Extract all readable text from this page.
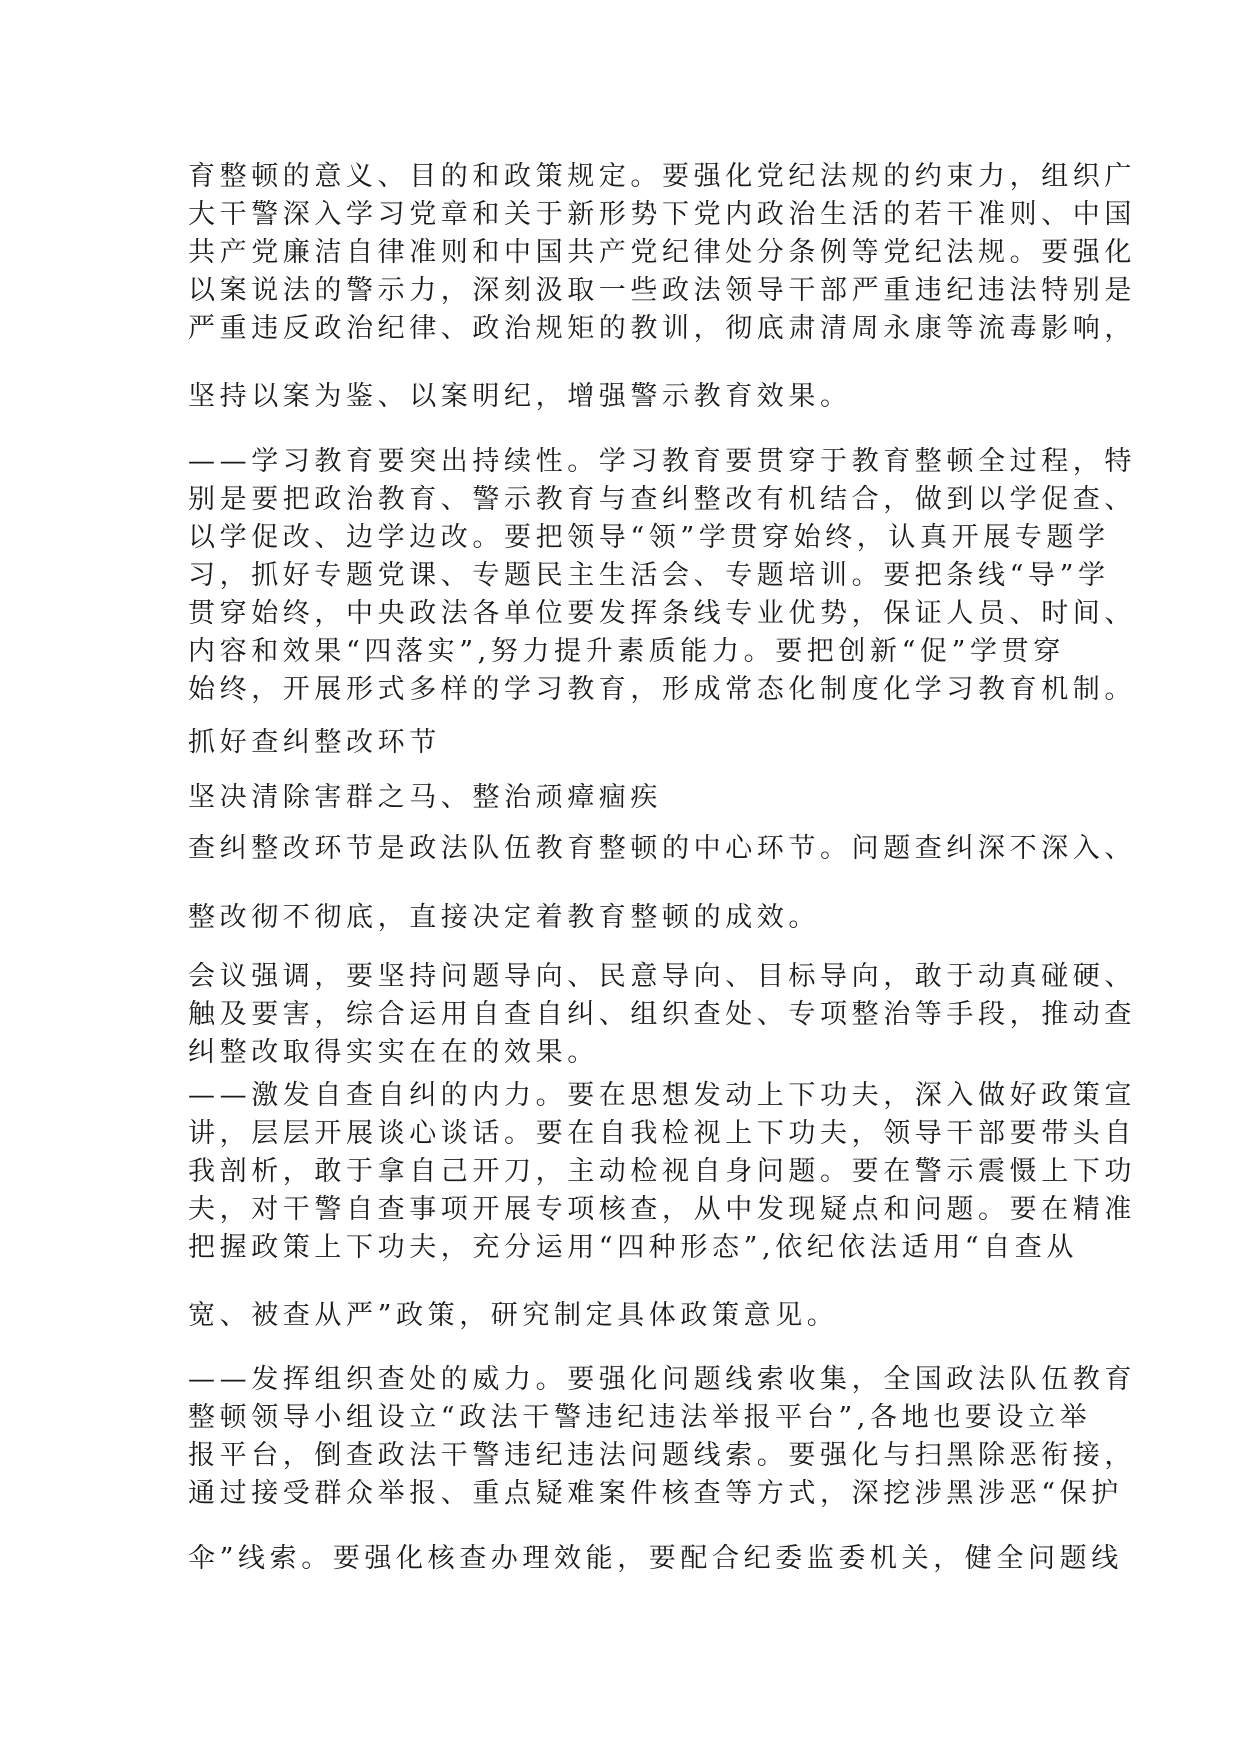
育整顿的意义、目的和政策规定。要强化党纪法规的约束力，组织广
大干警深入学习党章和关于新形势下党内政治生活的若干准则、中国
共产党廉洁自律准则和中国共产党纪律处分条例等党纪法规。要强化
以案说法的警示力，深刻汲取一些政法领导干部严重违纪违法特别是
严重违反政治纪律、政治规矩的教训，彻底肃清周永康等流毒影响，
坚持以案为鉴、以案明纪，增强警示教育效果。
——学习教育要突出持续性。学习教育要贯穿于教育整顿全过程，特
别是要把政治教育、警示教育与查纠整改有机结合，做到以学促查、
以学促改、边学边改。要把领导“领”学贯穿始终，认真开展专题学
习，抓好专题党课、专题民主生活会、专题培训。要把条线“导”学
贯穿始终，中央政法各单位要发挥条线专业优势，保证人员、时间、
内容和效果“四落实”,努力提升素质能力。要把创新“促”学贯穿
始终，开展形式多样的学习教育，形成常态化制度化学习教育机制。
抓好查纠整改环节
坚决清除害群之马、整治顽瘴痼疾
查纠整改环节是政法队伍教育整顿的中心环节。问题查纠深不深入、
整改彻不彻底，直接决定着教育整顿的成效。
会议强调，要坚持问题导向、民意导向、目标导向，敢于动真碰硬、
触及要害，综合运用自查自纠、组织查处、专项整治等手段，推动查
纠整改取得实实在在的效果。
——激发自查自纠的内力。要在思想发动上下功夫，深入做好政策宣
讲，层层开展谈心谈话。要在自我检视上下功夫，领导干部要带头自
我剖析，敢于拿自己开刀，主动检视自身问题。要在警示震慑上下功
夫，对干警自查事项开展专项核查，从中发现疑点和问题。要在精准
把握政策上下功夫，充分运用“四种形态”,依纪依法适用“自查从
宽、被查从严”政策，研究制定具体政策意见。
——发挥组织查处的威力。要强化问题线索收集，全国政法队伍教育
整顿领导小组设立“政法干警违纪违法举报平台”,各地也要设立举
报平台，倒查政法干警违纪违法问题线索。要强化与扫黑除恶衔接，
通过接受群众举报、重点疑难案件核查等方式，深挖涉黑涉恶“保护
伞”线索。要强化核查办理效能，要配合纪委监委机关，健全问题线
